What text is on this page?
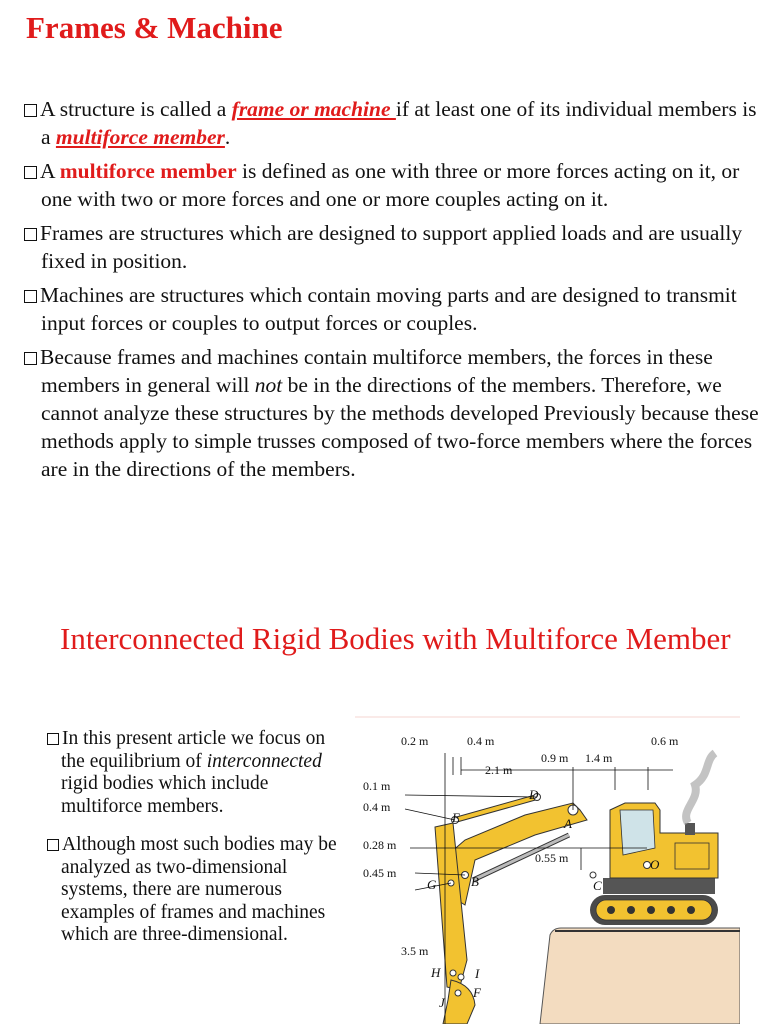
Frames & Machine
A structure is called a frame or machine if at least one of its individual members is a multiforce member.
A multiforce member is defined as one with three or more forces acting on it, or one with two or more forces and one or more couples acting on it.
Frames are structures which are designed to support applied loads and are usually fixed in position.
Machines are structures which contain moving parts and are designed to transmit input forces or couples to output forces or couples.
Because frames and machines contain multiforce members, the forces in these members in general will not be in the directions of the members. Therefore, we cannot analyze these structures by the methods developed Previously because these methods apply to simple trusses composed of two-force members where the forces are in the directions of the members.
Interconnected Rigid Bodies with Multiforce Member
In this present article we focus on the equilibrium of interconnected rigid bodies which include multiforce members.
Although most such bodies may be analyzed as two-dimensional systems, there are numerous examples of frames and machines which are three-dimensional.
0.2 m	0.4 m
2.1 m
0.9 m 1.4 m
0.6 m
0.1 m
0.4 m
0.28 m
0.45 m
0.55 m
3.5 m
A
B	C
D
E
F
G
H	I
J
O
